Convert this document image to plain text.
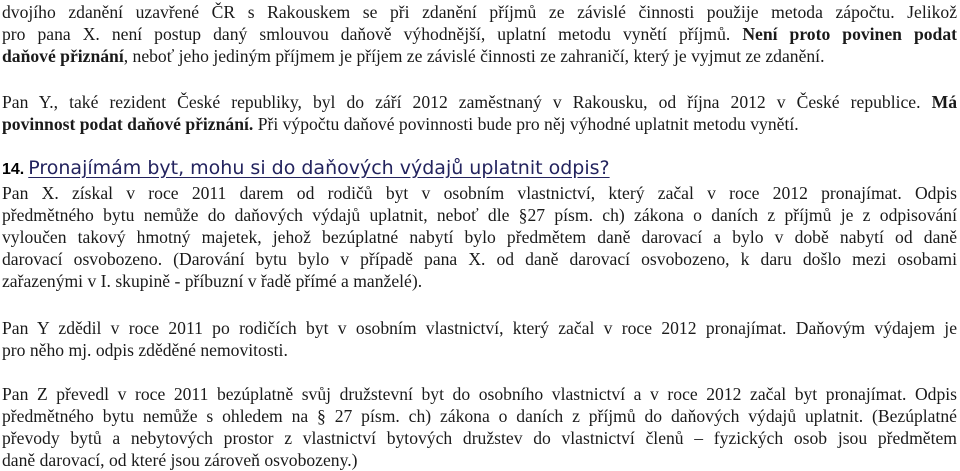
dvojího zdanění uzavřené ČR s Rakouskem se při zdanění příjmů ze závislé činnosti použije metoda zápočtu. Jelikož
pro pana X. není postup daný smlouvou daňově výhodnější, uplatní metodu vynětí příjmů. Není proto povinen podat
daňové přiznání, neboť jeho jediným příjmem je příjem ze závislé činnosti ze zahraničí, který je vyjmut ze zdanění.
Pan Y., také rezident České republiky, byl do září 2012 zaměstnaný v Rakousku, od října 2012 v České republice. Má
povinnost podat daňové přiznání. Při výpočtu daňové povinnosti bude pro něj výhodné uplatnit metodu vynětí.
14. Pronajímám byt, mohu si do daňových výdajů uplatnit odpis?
Pan X. získal v roce 2011 darem od rodičů byt v osobním vlastnictví, který začal v roce 2012 pronajímat. Odpis
předmětného bytu nemůže do daňových výdajů uplatnit, neboť dle §27 písm. ch) zákona o daních z příjmů je z odpisování
vyloučen takový hmotný majetek, jehož bezúplatné nabytí bylo předmětem daně darovací a bylo v době nabytí od daně
darovací osvobozeno. (Darování bytu bylo v případě pana X. od daně darovací osvobozeno, k daru došlo mezi osobami
zařazenými v I. skupině - příbuzní v řadě přímé a manželé).
Pan Y zdědil v roce 2011 po rodičích byt v osobním vlastnictví, který začal v roce 2012 pronajímat. Daňovým výdajem je
pro něho mj. odpis zděděné nemovitosti.
Pan Z převedl v roce 2011 bezúplatně svůj družstevní byt do osobního vlastnictví a v roce 2012 začal byt pronajímat. Odpis
předmětného bytu nemůže s ohledem na § 27 písm. ch) zákona o daních z příjmů do daňových výdajů uplatnit. (Bezúplatné
převody bytů a nebytových prostor z vlastnictví bytových družstev do vlastnictví členů – fyzických osob jsou předmětem
daně darovací, od které jsou zároveň osvobozeny.)
